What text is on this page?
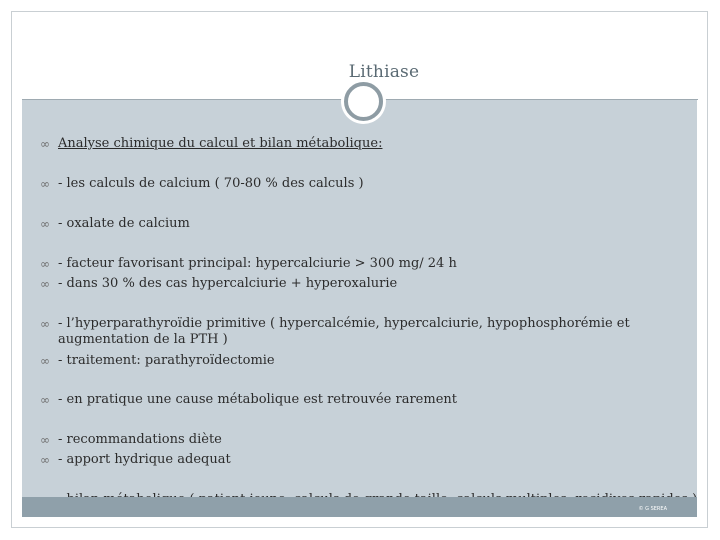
Lithiase
∞ Analyse chimique du calcul et bilan métabolique:
∞ - les calculs de calcium ( 70-80 % des calculs )
∞ - oxalate de calcium
∞ - facteur favorisant principal: hypercalciurie > 300 mg/ 24 h
∞ - dans 30 % des cas hypercalciurie + hyperoxalurie
∞ - l’hyperparathyroïdie primitive ( hypercalcémie, hypercalciurie, hypophosphorémie et augmentation de la PTH )
∞ - traitement: parathyroïdectomie
∞ - en pratique une cause métabolique est retrouvée rarement
∞ - recommandations diète
∞ - apport hydrique adequat
© G SEREA
